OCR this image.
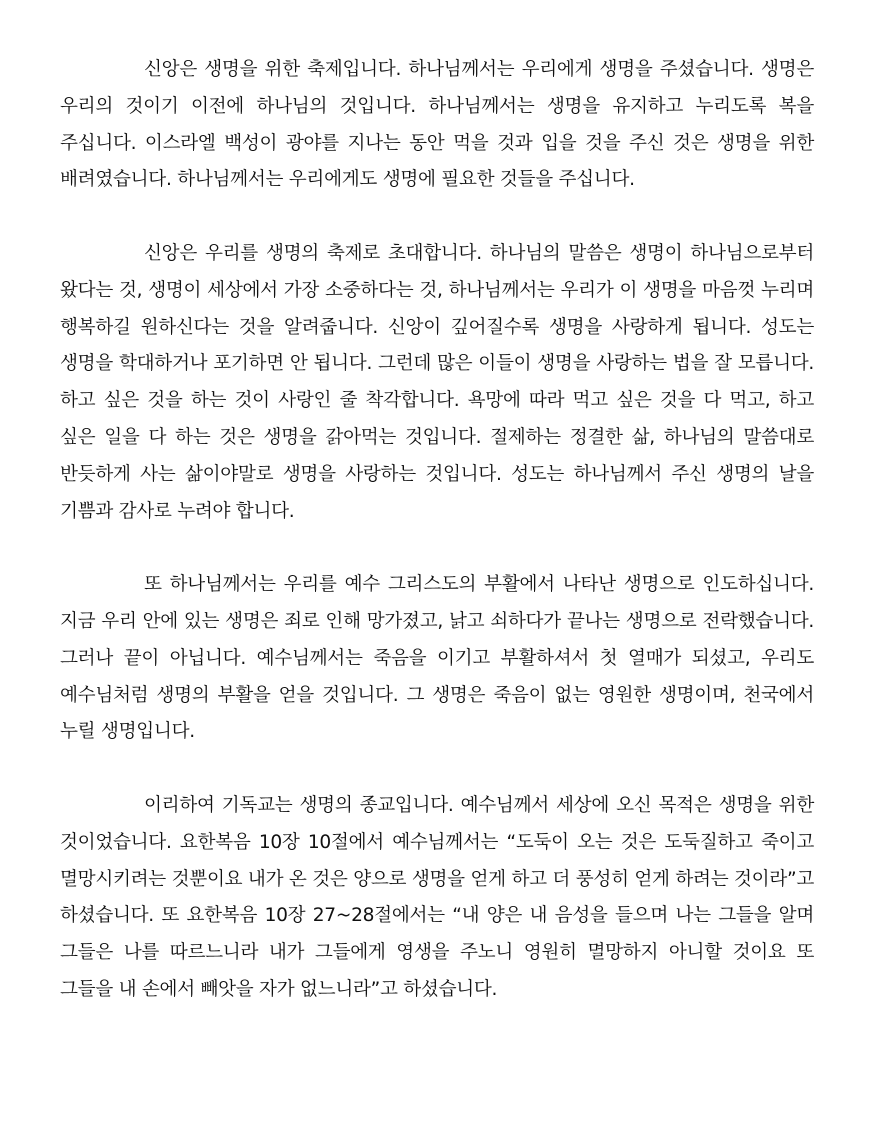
신앙은 생명을 위한 축제입니다. 하나님께서는 우리에게 생명을 주셨습니다. 생명은 우리의 것이기 이전에 하나님의 것입니다. 하나님께서는 생명을 유지하고 누리도록 복을 주십니다. 이스라엘 백성이 광야를 지나는 동안 먹을 것과 입을 것을 주신 것은 생명을 위한 배려였습니다. 하나님께서는 우리에게도 생명에 필요한 것들을 주십니다.

신앙은 우리를 생명의 축제로 초대합니다. 하나님의 말씀은 생명이 하나님으로부터 왔다는 것, 생명이 세상에서 가장 소중하다는 것, 하나님께서는 우리가 이 생명을 마음껏 누리며 행복하길 원하신다는 것을 알려줍니다. 신앙이 깊어질수록 생명을 사랑하게 됩니다. 성도는 생명을 학대하거나 포기하면 안 됩니다. 그런데 많은 이들이 생명을 사랑하는 법을 잘 모릅니다. 하고 싶은 것을 하는 것이 사랑인 줄 착각합니다. 욕망에 따라 먹고 싶은 것을 다 먹고, 하고 싶은 일을 다 하는 것은 생명을 갉아먹는 것입니다. 절제하는 정결한 삶, 하나님의 말씀대로 반듯하게 사는 삶이야말로 생명을 사랑하는 것입니다. 성도는 하나님께서 주신 생명의 날을 기쁨과 감사로 누려야 합니다.

또 하나님께서는 우리를 예수 그리스도의 부활에서 나타난 생명으로 인도하십니다. 지금 우리 안에 있는 생명은 죄로 인해 망가졌고, 낡고 쇠하다가 끝나는 생명으로 전락했습니다. 그러나 끝이 아닙니다. 예수님께서는 죽음을 이기고 부활하셔서 첫 열매가 되셨고, 우리도 예수님처럼 생명의 부활을 얻을 것입니다. 그 생명은 죽음이 없는 영원한 생명이며, 천국에서 누릴 생명입니다.

이리하여 기독교는 생명의 종교입니다. 예수님께서 세상에 오신 목적은 생명을 위한 것이었습니다. 요한복음 10장 10절에서 예수님께서는 “도둑이 오는 것은 도둑질하고 죽이고 멸망시키려는 것뿐이요 내가 온 것은 양으로 생명을 얻게 하고 더 풍성히 얻게 하려는 것이라”고 하셨습니다. 또 요한복음 10장 27~28절에서는 “내 양은 내 음성을 들으며 나는 그들을 알며 그들은 나를 따르느니라 내가 그들에게 영생을 주노니 영원히 멸망하지 아니할 것이요 또 그들을 내 손에서 빼앗을 자가 없느니라”고 하셨습니다.
